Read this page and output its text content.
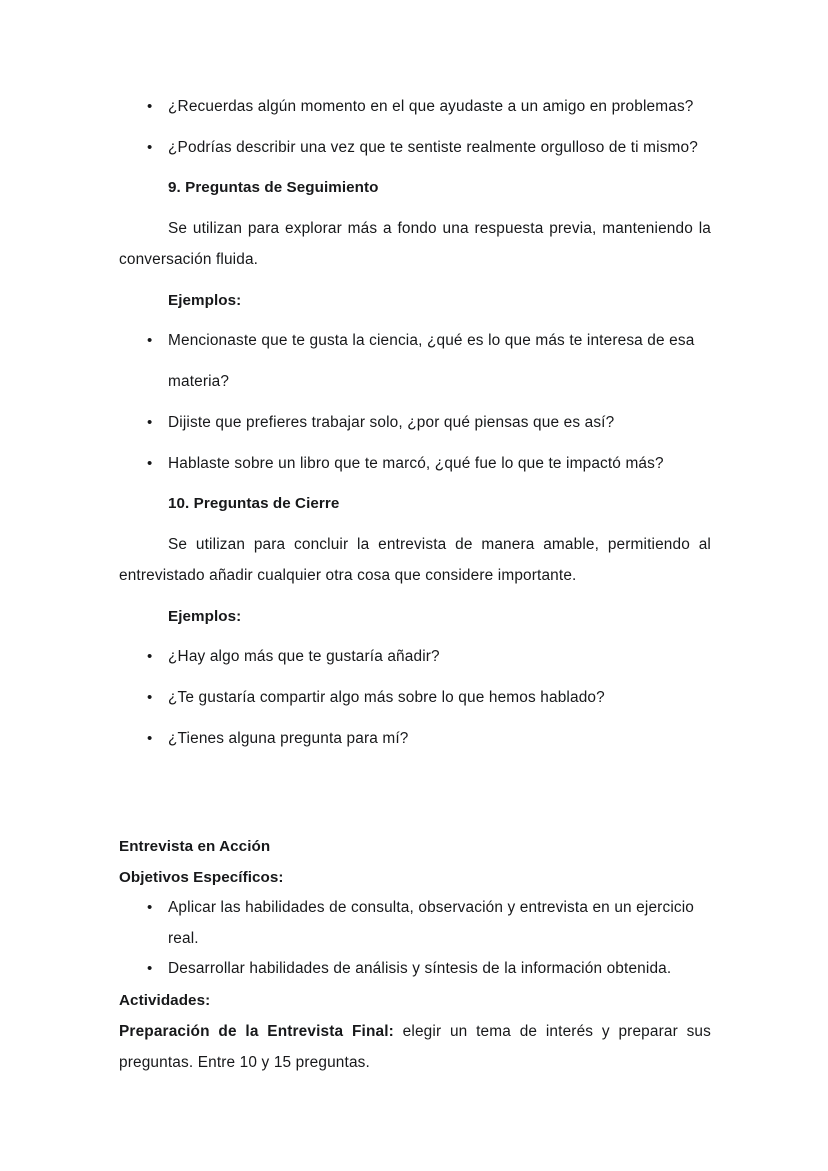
• ¿Recuerdas algún momento en el que ayudaste a un amigo en problemas?
• ¿Podrías describir una vez que te sentiste realmente orgulloso de ti mismo?
9. Preguntas de Seguimiento

Se utilizan para explorar más a fondo una respuesta previa, manteniendo la conversación fluida.

Ejemplos:

• Mencionaste que te gusta la ciencia, ¿qué es lo que más te interesa de esa materia?
• Dijiste que prefieres trabajar solo, ¿por qué piensas que es así?
• Hablaste sobre un libro que te marcó, ¿qué fue lo que te impactó más?
10. Preguntas de Cierre

Se utilizan para concluir la entrevista de manera amable, permitiendo al entrevistado añadir cualquier otra cosa que considere importante.

Ejemplos:

• ¿Hay algo más que te gustaría añadir?
• ¿Te gustaría compartir algo más sobre lo que hemos hablado?
• ¿Tienes alguna pregunta para mí?
Entrevista en Acción
Objetivos Específicos:
• Aplicar las habilidades de consulta, observación y entrevista en un ejercicio real.
• Desarrollar habilidades de análisis y síntesis de la información obtenida.
Actividades:

Preparación de la Entrevista Final: elegir un tema de interés y preparar sus preguntas. Entre 10 y 15 preguntas.
